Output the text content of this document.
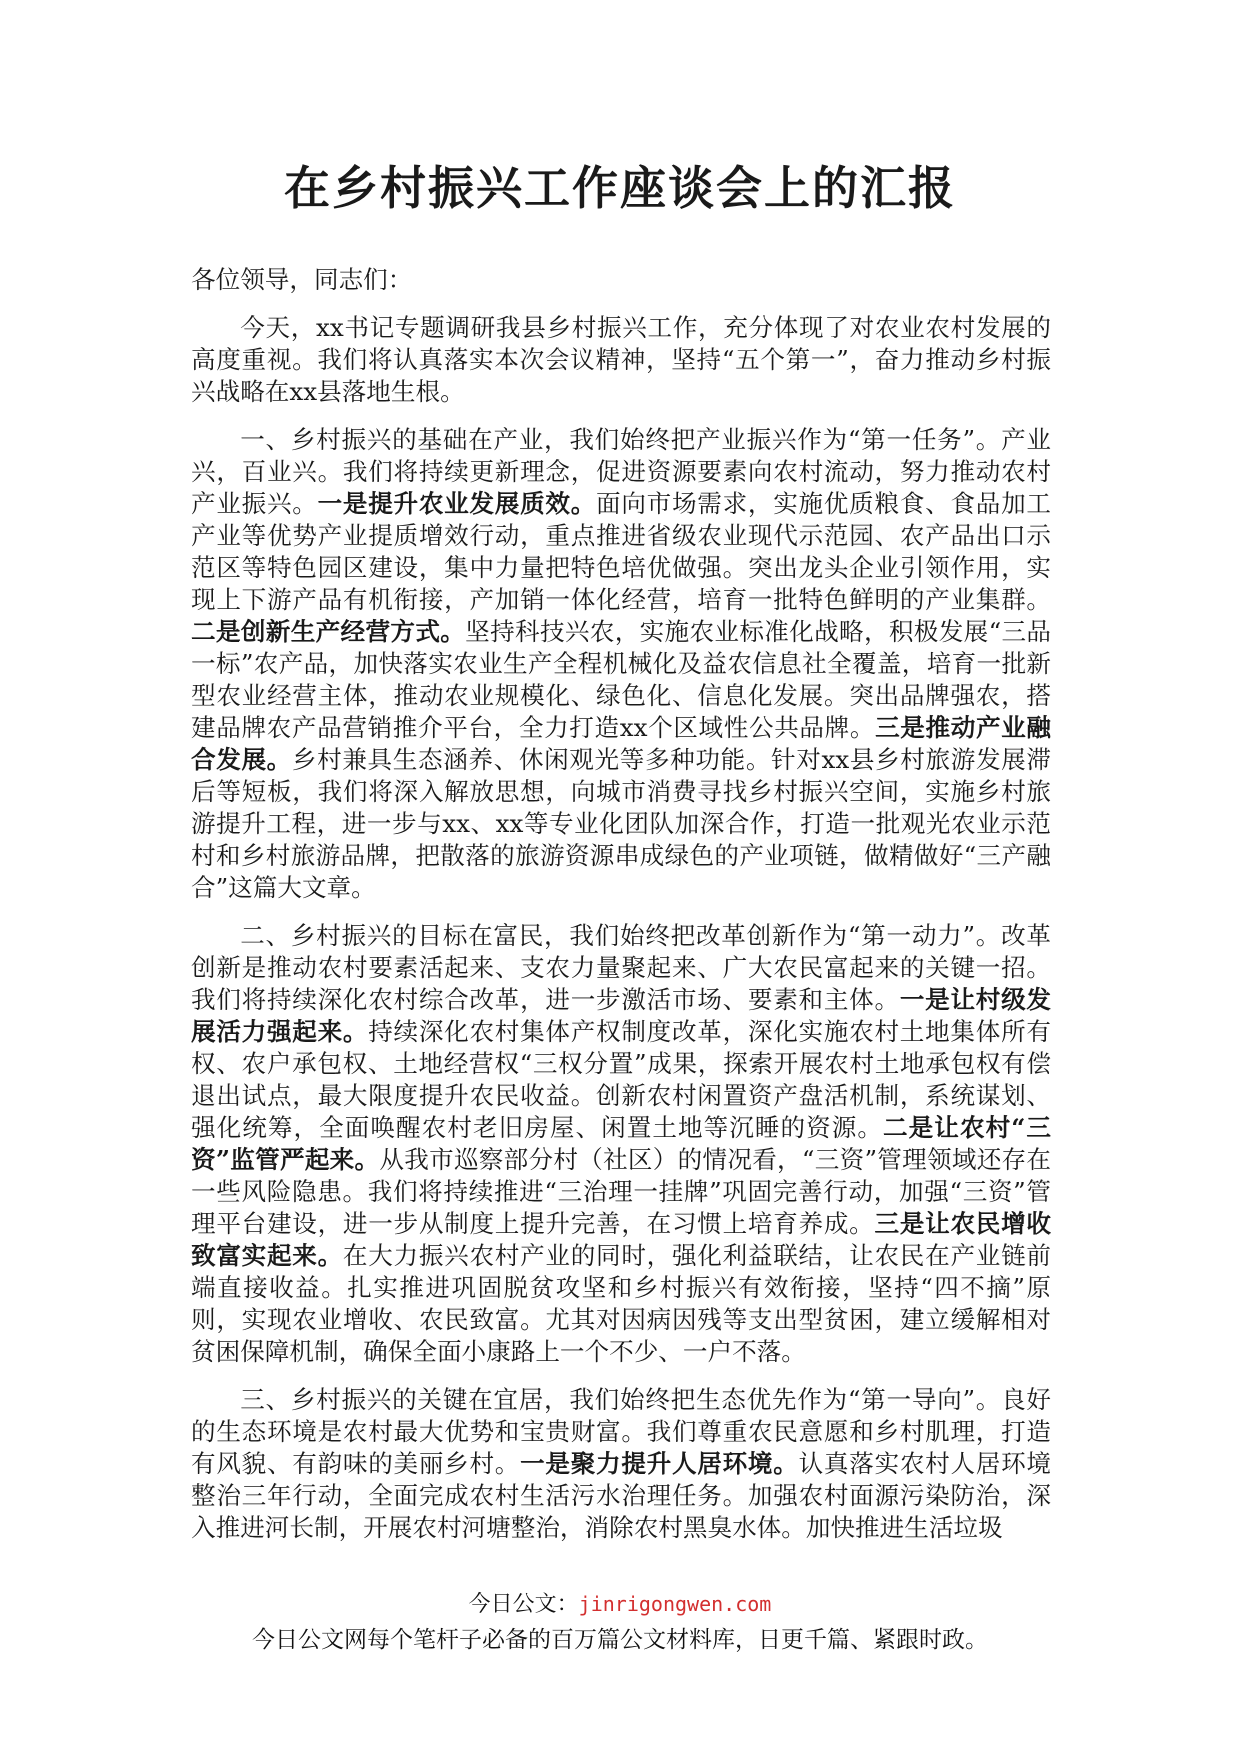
在乡村振兴工作座谈会上的汇报

各位领导，同志们：

今天，xx书记专题调研我县乡村振兴工作，充分体现了对农业农村发展的高度重视。我们将认真落实本次会议精神，坚持“五个第一”，奋力推动乡村振兴战略在xx县落地生根。

一、乡村振兴的基础在产业，我们始终把产业振兴作为“第一任务”。产业兴，百业兴。我们将持续更新理念，促进资源要素向农村流动，努力推动农村产业振兴。一是提升农业发展质效。面向市场需求，实施优质粮食、食品加工产业等优势产业提质增效行动，重点推进省级农业现代示范园、农产品出口示范区等特色园区建设，集中力量把特色培优做强。突出龙头企业引领作用，实现上下游产品有机衔接，产加销一体化经营，培育一批特色鲜明的产业集群。二是创新生产经营方式。坚持科技兴农，实施农业标准化战略，积极发展“三品一标”农产品，加快落实农业生产全程机械化及益农信息社全覆盖，培育一批新型农业经营主体，推动农业规模化、绿色化、信息化发展。突出品牌强农，搭建品牌农产品营销推介平台，全力打造xx个区域性公共品牌。三是推动产业融合发展。乡村兼具生态涵养、休闲观光等多种功能。针对xx县乡村旅游发展滞后等短板，我们将深入解放思想，向城市消费寻找乡村振兴空间，实施乡村旅游提升工程，进一步与xx、xx等专业化团队加深合作，打造一批观光农业示范村和乡村旅游品牌，把散落的旅游资源串成绿色的产业项链，做精做好“三产融合”这篇大文章。

二、乡村振兴的目标在富民，我们始终把改革创新作为“第一动力”。改革创新是推动农村要素活起来、支农力量聚起来、广大农民富起来的关键一招。我们将持续深化农村综合改革，进一步激活市场、要素和主体。一是让村级发展活力强起来。持续深化农村集体产权制度改革，深化实施农村土地集体所有权、农户承包权、土地经营权“三权分置”成果，探索开展农村土地承包权有偿退出试点，最大限度提升农民收益。创新农村闲置资产盘活机制，系统谋划、强化统筹，全面唤醒农村老旧房屋、闲置土地等沉睡的资源。二是让农村“三资”监管严起来。从我市巡察部分村（社区）的情况看，“三资”管理领域还存在一些风险隐患。我们将持续推进“三治理一挂牌”巩固完善行动，加强“三资”管理平台建设，进一步从制度上提升完善，在习惯上培育养成。三是让农民增收致富实起来。在大力振兴农村产业的同时，强化利益联结，让农民在产业链前端直接收益。扎实推进巩固脱贫攻坚和乡村振兴有效衔接，坚持“四不摘”原则，实现农业增收、农民致富。尤其对因病因残等支出型贫困，建立缓解相对贫困保障机制，确保全面小康路上一个不少、一户不落。

三、乡村振兴的关键在宜居，我们始终把生态优先作为“第一导向”。良好的生态环境是农村最大优势和宝贵财富。我们尊重农民意愿和乡村肌理，打造有风貌、有韵味的美丽乡村。一是聚力提升人居环境。认真落实农村人居环境整治三年行动，全面完成农村生活污水治理任务。加强农村面源污染防治，深入推进河长制，开展农村河塘整治，消除农村黑臭水体。加快推进生活垃圾

今日公文：jinrigongwen.com
今日公文网每个笔杆子必备的百万篇公文材料库，日更千篇、紧跟时政。
